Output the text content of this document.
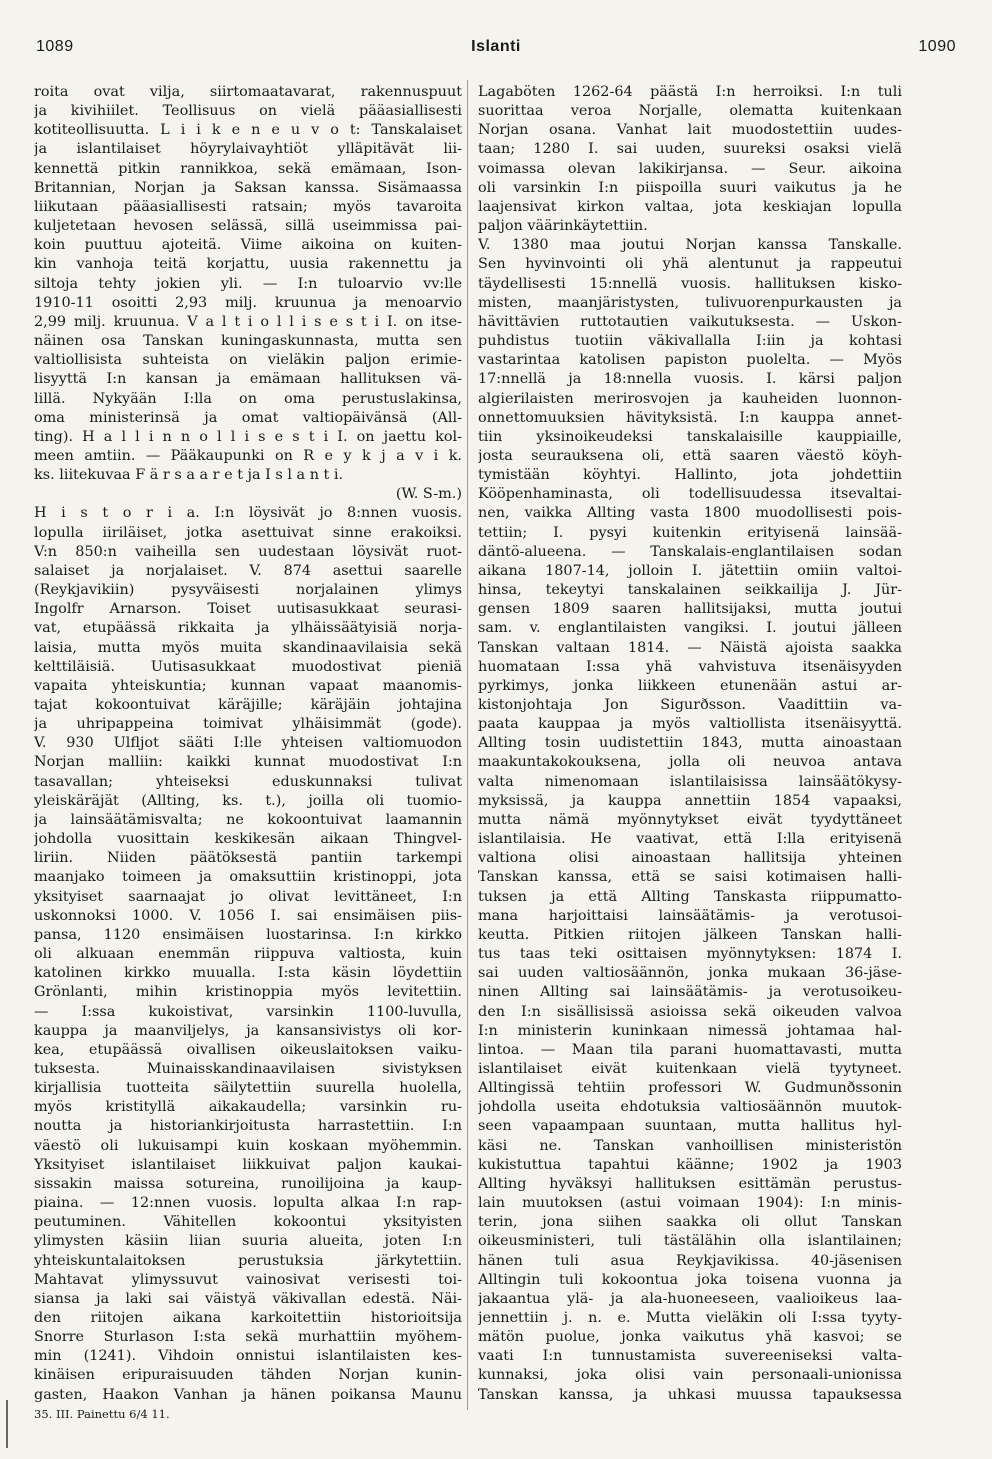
1089	Islanti	1090
roita ovat vilja, siirtomaatavarat, rakennuspuut
ja kivihiilet. Teollisuus on vielä pääasiallisesti
kotiteollisuutta. L i i k e n e u v o t: Tanskalaiset
ja islantilaiset höyrylaivayhtiöt ylläpitävät lii-
kennettä pitkin rannikkoa, sekä emämaan, Ison-
Britannian, Norjan ja Saksan kanssa. Sisämaassa
liikutaan pääasiallisesti ratsain; myös tavaroita
kuljetetaan hevosen selässä, sillä useimmissa pai-
koin puuttuu ajoteitä. Viime aikoina on kuiten-
kin vanhoja teitä korjattu, uusia rakennettu ja
siltoja tehty jokien yli. — I:n tuloarvio vv:lle
1910-11 osoitti 2,93 milj. kruunua ja menoarvio
2,99 milj. kruunua. V a l t i o l l i s e s t i I. on itse-
näinen osa Tanskan kuningaskunnasta, mutta sen
valtiollisista suhteista on vieläkin paljon erimie-
lisyyttä I:n kansan ja emämaan hallituksen vä-
lillä. Nykyään I:lla on oma perustuslakinsa,
oma ministerinsä ja omat valtiopäivänsä (All-
ting). H a l l i n n o l l i s e s t i I. on jaettu kol-
meen amtiin. — Pääkaupunki on R e y k j a v i k.
ks. liitekuvaa F ä r s a a r e t ja I s l a n t i.
(W. S-m.)
H i s t o r i a. I:n löysivät jo 8:nnen vuosis.
lopulla iiriläiset, jotka asettuivat sinne erakoiksi.
V:n 850:n vaiheilla sen uudestaan löysivät ruot-
salaiset ja norjalaiset. V. 874 asettui saarelle
(Reykjavikiin) pysyväisesti norjalainen ylimys
Ingolfr Arnarson. Toiset uutisasukkaat seurasi-
vat, etupäässä rikkaita ja ylhäissäätyisiä norja-
laisia, mutta myös muita skandinaavilaisia sekä
kelttiläisiä. Uutisasukkaat muodostivat pieniä
vapaita yhteiskuntia; kunnan vapaat maanomis-
tajat kokoontuivat käräjille; käräjäin johtajina
ja uhripappeina toimivat ylhäisimmät (gode).
V. 930 Ulfljot sääti I:lle yhteisen valtiomuodon
Norjan malliin: kaikki kunnat muodostivat I:n
tasavallan; yhteiseksi eduskunnaksi tulivat
yleiskäräjät (Allting, ks. t.), joilla oli tuomio-
ja lainsäätämisvalta; ne kokoontuivat laamannin
johdolla vuosittain keskikesän aikaan Thingvel-
liriin. Niiden päätöksestä pantiin tarkempi
maanjako toimeen ja omaksuttiin kristinoppi, jota
yksityiset saarnaajat jo olivat levittäneet, I:n
uskonnoksi 1000. V. 1056 I. sai ensimäisen piis-
pansa, 1120 ensimäisen luostarinsa. I:n kirkko
oli alkuaan enemmän riippuva valtiosta, kuin
katolinen kirkko muualla. I:sta käsin löydettiin
Grönlanti, mihin kristinoppia myös levitettiin.
— I:ssa kukoistivat, varsinkin 1100-luvulla,
kauppa ja maanviljelys, ja kansansivistys oli kor-
kea, etupäässä oivallisen oikeuslaitoksen vaiku-
tuksesta. Muinaisskandinaavilaisen sivistyksen
kirjallisia tuotteita säilytettiin suurella huolella,
myös kristityllä aikakaudella; varsinkin ru-
noutta ja historiankirjoitusta harrastettiin. I:n
väestö oli lukuisampi kuin koskaan myöhemmin.
Yksityiset islantilaiset liikkuivat paljon kaukai-
sissakin maissa sotureina, runoilijoina ja kaup-
piaina. — 12:nnen vuosis. lopulta alkaa I:n rap-
peutuminen. Vähitellen kokoontui yksityisten
ylimysten käsiin liian suuria alueita, joten I:n
yhteiskuntalaitoksen perustuksia järkytettiin.
Mahtavat ylimyssuvut vainosivat verisesti toi-
siansa ja laki sai väistyä väkivallan edestä. Näi-
den riitojen aikana karkoitettiin historioitsija
Snorre Sturlason I:sta sekä murhattiin myöhem-
min (1241). Vihdoin onnistui islantilaisten kes-
kinäisen eripuraisuuden tähden Norjan kunin-
gasten, Haakon Vanhan ja hänen poikansa Maunu
35. III. Painettu 6/4 11.
Lagaböten 1262-64 päästä I:n herroiksi. I:n tuli
suorittaa veroa Norjalle, olematta kuitenkaan
Norjan osana. Vanhat lait muodostettiin uudes-
taan; 1280 I. sai uuden, suureksi osaksi vielä
voimassa olevan lakikirjansa. — Seur. aikoina
oli varsinkin I:n piispoilla suuri vaikutus ja he
laajensivat kirkon valtaa, jota keskiajan lopulla
paljon väärinkäytettiin.
V. 1380 maa joutui Norjan kanssa Tanskalle.
Sen hyvinvointi oli yhä alentunut ja rappeutui
täydellisesti 15:nnellä vuosis. hallituksen kisko-
misten, maanjäristysten, tulivuorenpurkausten ja
hävittävien ruttotautien vaikutuksesta. — Uskon-
puhdistus tuotiin väkivallalla I:iin ja kohtasi
vastarintaa katolisen papiston puolelta. — Myös
17:nnellä ja 18:nnella vuosis. I. kärsi paljon
algierilaisten merirosvojen ja kauheiden luonnon-
onnettomuuksien hävityksistä. I:n kauppa annet-
tiin yksinoikeudeksi tanskalaisille kauppiaille,
josta seurauksena oli, että saaren väestö köyh-
tymistään köyhtyi. Hallinto, jota johdettiin
Kööpenhaminasta, oli todellisuudessa itsevaltai-
nen, vaikka Allting vasta 1800 muodollisesti pois-
tettiin; I. pysyi kuitenkin erityisenä lainsää-
däntö-alueena. — Tanskalais-englantilaisen sodan
aikana 1807-14, jolloin I. jätettiin omiin valtoi-
hinsa, tekeytyi tanskalainen seikkailija J. Jür-
gensen 1809 saaren hallitsijaksi, mutta joutui
sam. v. englantilaisten vangiksi. I. joutui jälleen
Tanskan valtaan 1814. — Näistä ajoista saakka
huomataan I:ssa yhä vahvistuva itsenäisyyden
pyrkimys, jonka liikkeen etunenään astui ar-
kistonjohtaja Jon Sigurðsson. Vaadittiin va-
paata kauppaa ja myös valtiollista itsenäisyyttä.
Allting tosin uudistettiin 1843, mutta ainoastaan
maakuntakokouksena, jolla oli neuvoa antava
valta nimenomaan islantilaisissa lainsäätökysy-
myksissä, ja kauppa annettiin 1854 vapaaksi,
mutta nämä myönnytykset eivät tyydyttäneet
islantilaisia. He vaativat, että I:lla erityisenä
valtiona olisi ainoastaan hallitsija yhteinen
Tanskan kanssa, että se saisi kotimaisen halli-
tuksen ja että Allting Tanskasta riippumatto-
mana harjoittaisi lainsäätämis- ja verotusoi-
keutta. Pitkien riitojen jälkeen Tanskan halli-
tus taas teki osittaisen myönnytyksen: 1874 I.
sai uuden valtiosäännön, jonka mukaan 36-jäse-
ninen Allting sai lainsäätämis- ja verotusoikeu-
den I:n sisällisissä asioissa sekä oikeuden valvoa
I:n ministerin kuninkaan nimessä johtamaa hal-
lintoa. — Maan tila parani huomattavasti, mutta
islantilaiset eivät kuitenkaan vielä tyytyneet.
Alltingissä tehtiin professori W. Gudmunðssonin
johdolla useita ehdotuksia valtiosäännön muutok-
seen vapaampaan suuntaan, mutta hallitus hyl-
käsi ne. Tanskan vanhoillisen ministeristön
kukistuttua tapahtui käänne; 1902 ja 1903
Allting hyväksyi hallituksen esittämän perustus-
lain muutoksen (astui voimaan 1904): I:n minis-
terin, jona siihen saakka oli ollut Tanskan
oikeusministeri, tuli tästälähin olla islantilainen;
hänen tuli asua Reykjavikissa. 40-jäsenisen
Alltingin tuli kokoontua joka toisena vuonna ja
jakaantua ylä- ja ala-huoneeseen, vaalioikeus laa-
jennettiin j. n. e. Mutta vieläkin oli I:ssa tyyty-
mätön puolue, jonka vaikutus yhä kasvoi; se
vaati I:n tunnustamista suvereeniseksi valta-
kunnaksi, joka olisi vain personaali-unionissa
Tanskan kanssa, ja uhkasi muussa tapauksessa
